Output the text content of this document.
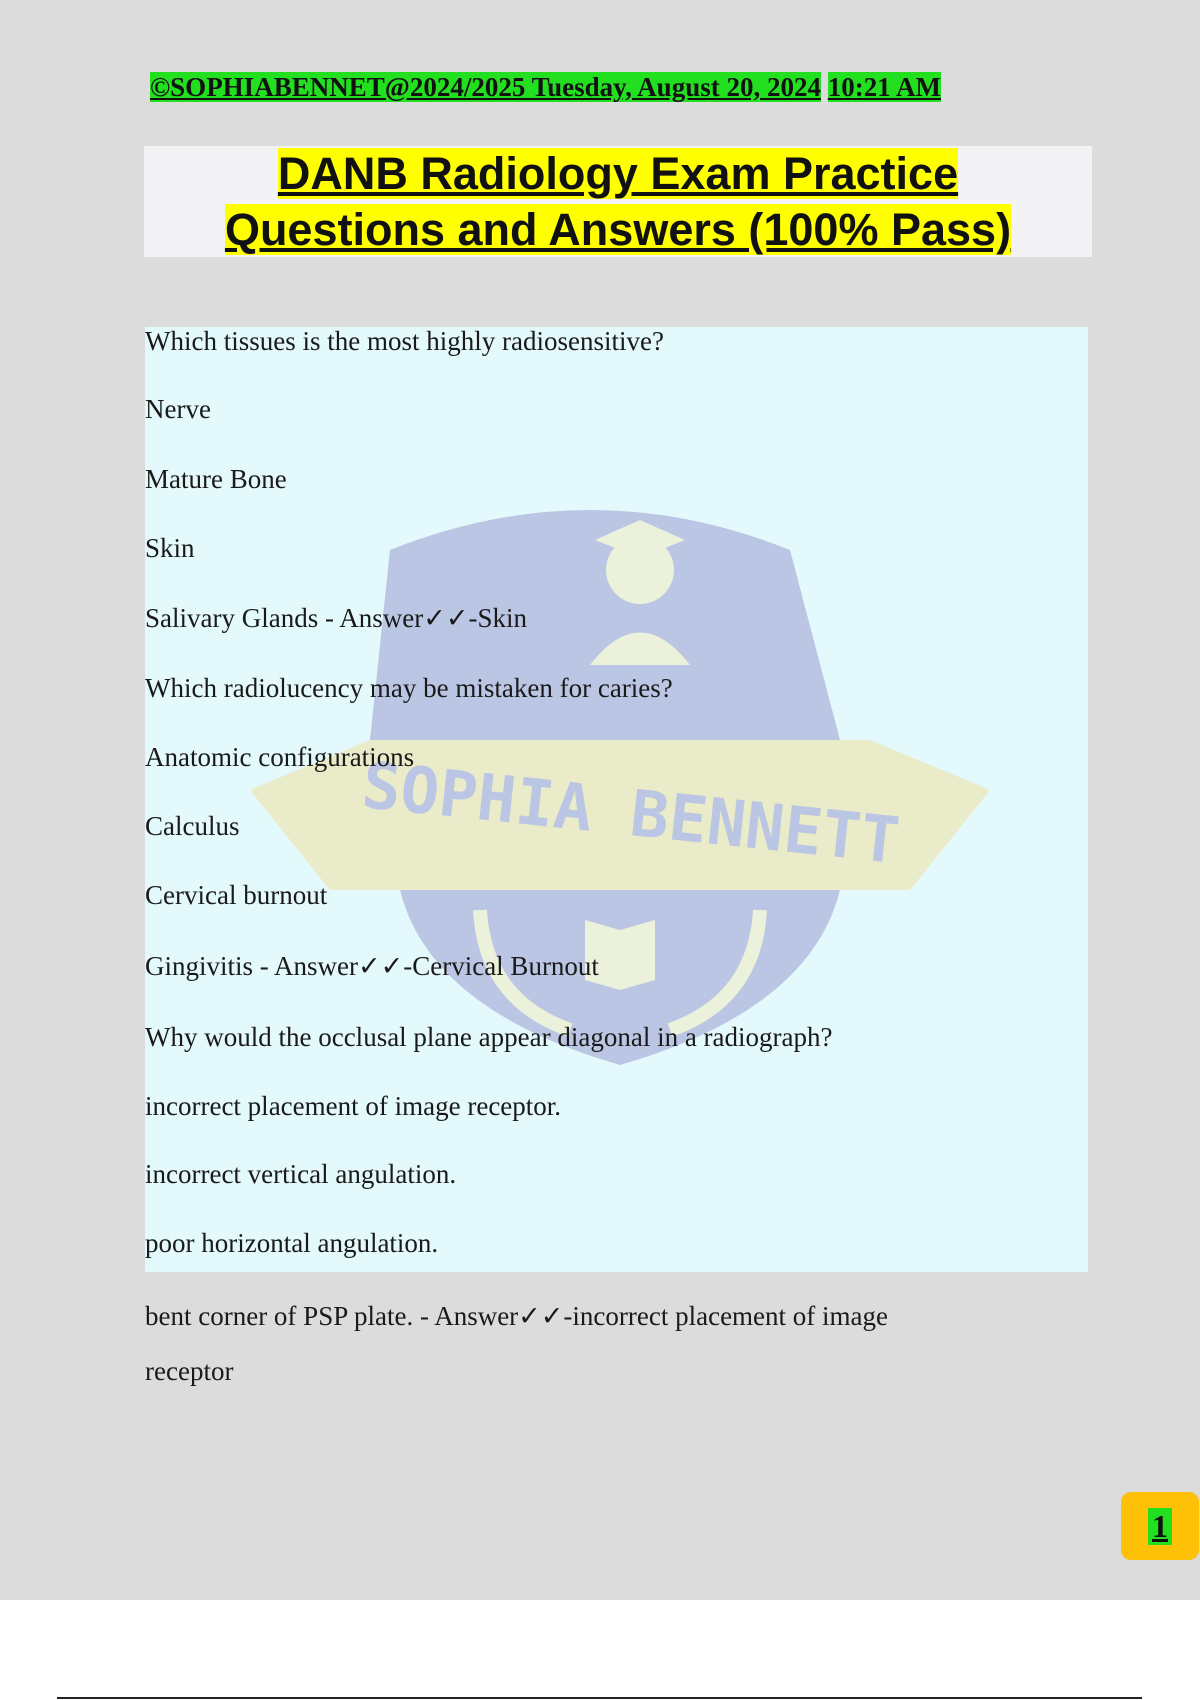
©SOPHIABENNET@2024/2025 Tuesday, August 20, 2024 10:21 AM
DANB Radiology Exam Practice
Questions and Answers (100% Pass)
SOPHIA BENNETT
Which tissues is the most highly radiosensitive?
Nerve
Mature Bone
Skin
Salivary Glands - Answer✓✓-Skin
Which radiolucency may be mistaken for caries?
Anatomic configurations
Calculus
Cervical burnout
Gingivitis - Answer✓✓-Cervical Burnout
Why would the occlusal plane appear diagonal in a radiograph?
incorrect placement of image receptor.
incorrect vertical angulation.
poor horizontal angulation.
bent corner of PSP plate. - Answer✓✓-incorrect placement of image
receptor
1
